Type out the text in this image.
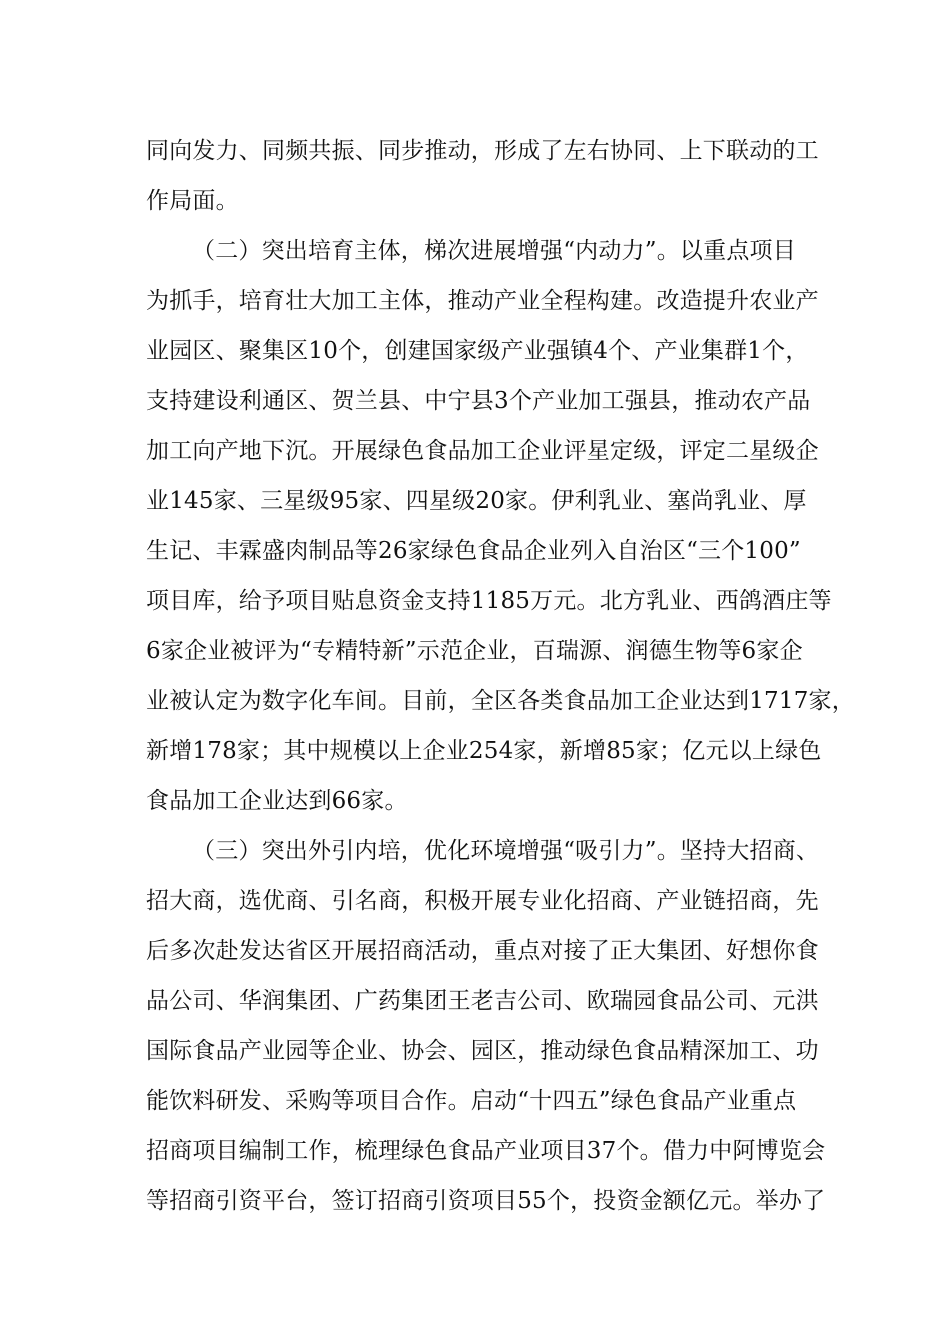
同向发力、同频共振、同步推动，形成了左右协同、上下联动的工
作局面。
（二）突出培育主体，梯次进展增强“内动力”。以重点项目
为抓手，培育壮大加工主体，推动产业全程构建。改造提升农业产
业园区、聚集区10个，创建国家级产业强镇4个、产业集群1个，
支持建设利通区、贺兰县、中宁县3个产业加工强县，推动农产品
加工向产地下沉。开展绿色食品加工企业评星定级，评定二星级企
业145家、三星级95家、四星级20家。伊利乳业、塞尚乳业、厚
生记、丰霖盛肉制品等26家绿色食品企业列入自治区“三个100”
项目库，给予项目贴息资金支持1185万元。北方乳业、西鸽酒庄等
6家企业被评为“专精特新”示范企业，百瑞源、润德生物等6家企
业被认定为数字化车间。目前，全区各类食品加工企业达到1717家，
新增178家；其中规模以上企业254家，新增85家；亿元以上绿色
食品加工企业达到66家。
（三）突出外引内培，优化环境增强“吸引力”。坚持大招商、
招大商，选优商、引名商，积极开展专业化招商、产业链招商，先
后多次赴发达省区开展招商活动，重点对接了正大集团、好想你食
品公司、华润集团、广药集团王老吉公司、欧瑞园食品公司、元洪
国际食品产业园等企业、协会、园区，推动绿色食品精深加工、功
能饮料研发、采购等项目合作。启动“十四五”绿色食品产业重点
招商项目编制工作，梳理绿色食品产业项目37个。借力中阿博览会
等招商引资平台，签订招商引资项目55个，投资金额亿元。举办了
